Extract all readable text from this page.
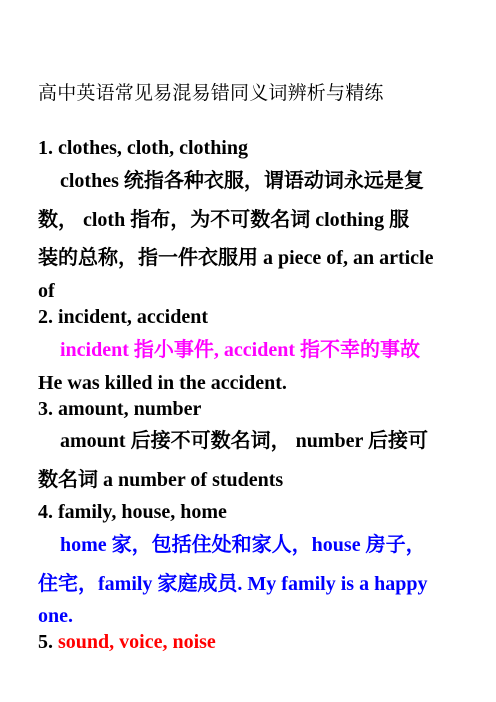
高中英语常见易混易错同义词辨析与精练
1. clothes, cloth, clothing
clothes 统指各种衣服，谓语动词永远是复
数， cloth 指布，为不可数名词 clothing 服
装的总称，指一件衣服用 a piece of, an article
of
2. incident, accident
incident 指小事件, accident 指不幸的事故
He was killed in the accident.
3. amount, number
amount 后接不可数名词， number 后接可
数名词 a number of students
4. family, house, home
home 家，包括住处和家人，house 房子，
住宅，family 家庭成员. My family is a happy
one.
5. sound, voice, noise
